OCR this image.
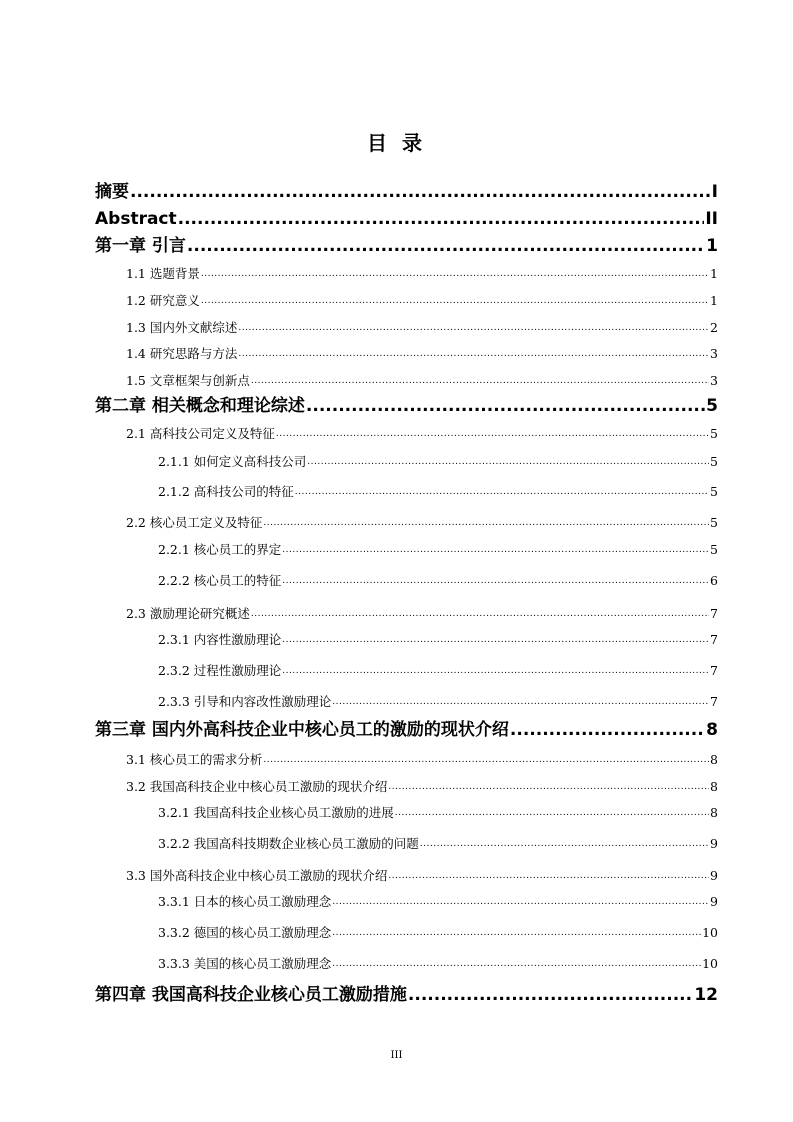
目 录
摘要 .....	I
Abstract .....	II
第一章 引言 .....	1
1.1 选题背景 .....	1
1.2 研究意义 .....	1
1.3 国内外文献综述 .....	2
1.4 研究思路与方法 .....	3
1.5 文章框架与创新点 .....	3
第二章 相关概念和理论综述 .....	5
2.1 高科技公司定义及特征 .....	5
2.1.1 如何定义高科技公司 .....	5
2.1.2 高科技公司的特征 .....	5
2.2 核心员工定义及特征 .....	5
2.2.1 核心员工的界定 .....	5
2.2.2 核心员工的特征 .....	6
2.3 激励理论研究概述 .....	7
2.3.1 内容性激励理论 .....	7
2.3.2 过程性激励理论 .....	7
2.3.3 引导和内容改性激励理论 .....	7
第三章 国内外高科技企业中核心员工的激励的现状介绍 .....	8
3.1 核心员工的需求分析 .....	8
3.2 我国高科技企业中核心员工激励的现状介绍 .....	8
3.2.1 我国高科技企业核心员工激励的进展 .....	8
3.2.2 我国高科技期数企业核心员工激励的问题 .....	9
3.3 国外高科技企业中核心员工激励的现状介绍 .....	9
3.3.1 日本的核心员工激励理念 .....	9
3.3.2 德国的核心员工激励理念 .....	10
3.3.3 美国的核心员工激励理念 .....	10
第四章 我国高科技企业核心员工激励措施 .....	12
III
